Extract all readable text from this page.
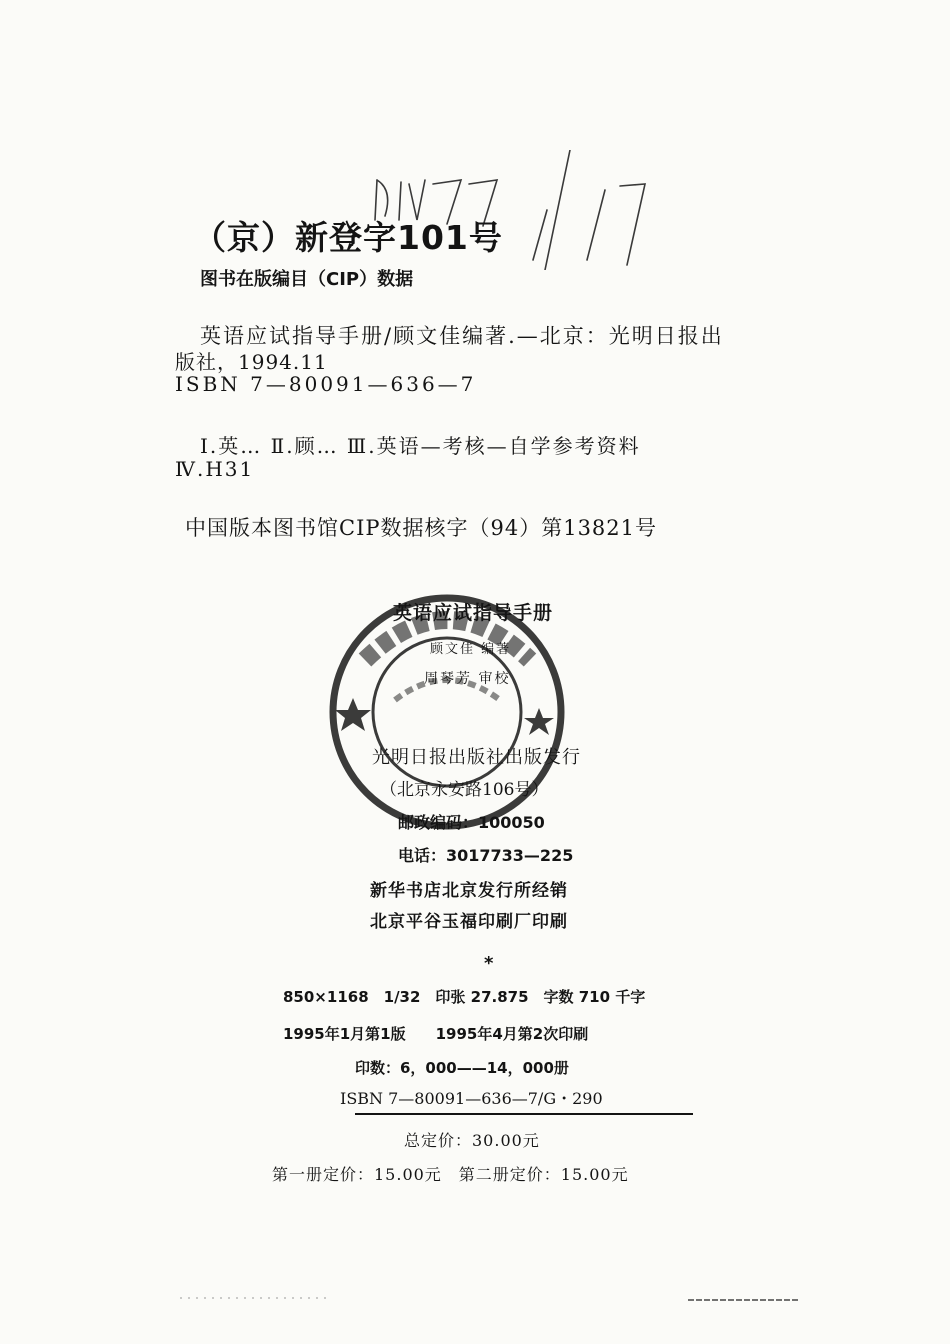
（京）新登字101号
图书在版编目（CIP）数据
英语应试指导手册/顾文佳编著.—北京：光明日报出
版社，1994.11
ISBN 7—80091—636—7
Ⅰ.英… Ⅱ.顾… Ⅲ.英语—考核—自学参考资料
Ⅳ.H31
中国版本图书馆CIP数据核字（94）第13821号
英语应试指导手册
顾文佳 编著
周琴芳 审校
光明日报出版社出版发行
（北京永安路106号）
邮政编码：100050
电话：3017733—225
新华书店北京发行所经销
北京平谷玉福印刷厂印刷
*
850×1168　1/32　印张 27.875　字数 710 千字
1995年1月第1版　　1995年4月第2次印刷
印数：6，000——14，000册
ISBN 7—80091—636—7/G・290
总定价：30.00元
第一册定价：15.00元　第二册定价：15.00元
